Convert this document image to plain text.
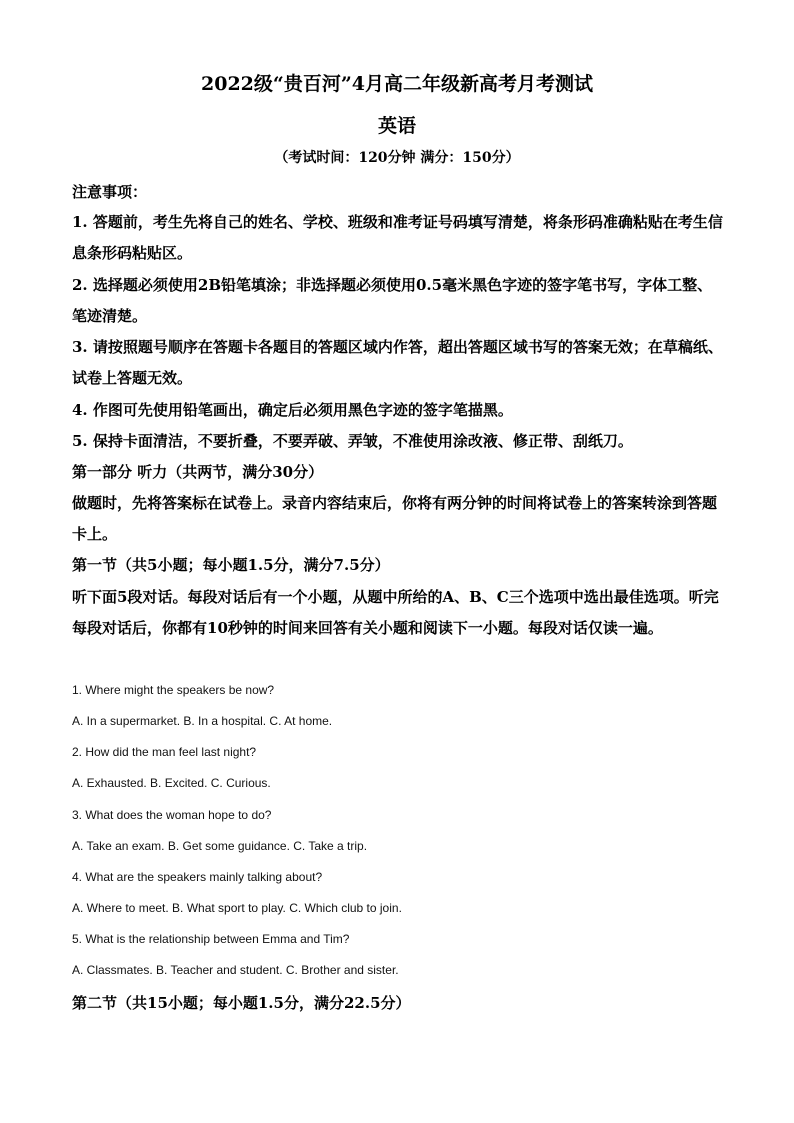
2022级“贵百河”4月高二年级新高考月考测试
英语
（考试时间：120分钟 满分：150分）
注意事项：
1. 答题前，考生先将自己的姓名、学校、班级和准考证号码填写清楚，将条形码准确粘贴在考生信息条形码粘贴区。
2. 选择题必须使用2B铅笔填涂；非选择题必须使用0.5毫米黑色字迹的签字笔书写，字体工整、笔迹清楚。
3. 请按照题号顺序在答题卡各题目的答题区域内作答，超出答题区域书写的答案无效；在草稿纸、试卷上答题无效。
4. 作图可先使用铅笔画出，确定后必须用黑色字迹的签字笔描黑。
5. 保持卡面清洁，不要折叠，不要弄破、弄皱，不准使用涂改液、修正带、刮纸刀。
第一部分 听力（共两节，满分30分）
做题时，先将答案标在试卷上。录音内容结束后，你将有两分钟的时间将试卷上的答案转涂到答题卡上。
第一节（共5小题；每小题1.5分，满分7.5分）
听下面5段对话。每段对话后有一个小题，从题中所给的A、B、C三个选项中选出最佳选项。听完每段对话后，你都有10秒钟的时间来回答有关小题和阅读下一小题。每段对话仅读一遍。
1. Where might the speakers be now?
A. In a supermarket. B. In a hospital. C. At home.
2. How did the man feel last night?
A. Exhausted. B. Excited. C. Curious.
3. What does the woman hope to do?
A. Take an exam. B. Get some guidance. C. Take a trip.
4. What are the speakers mainly talking about?
A. Where to meet. B. What sport to play. C. Which club to join.
5. What is the relationship between Emma and Tim?
A. Classmates. B. Teacher and student. C. Brother and sister.
第二节（共15小题；每小题1.5分，满分22.5分）
